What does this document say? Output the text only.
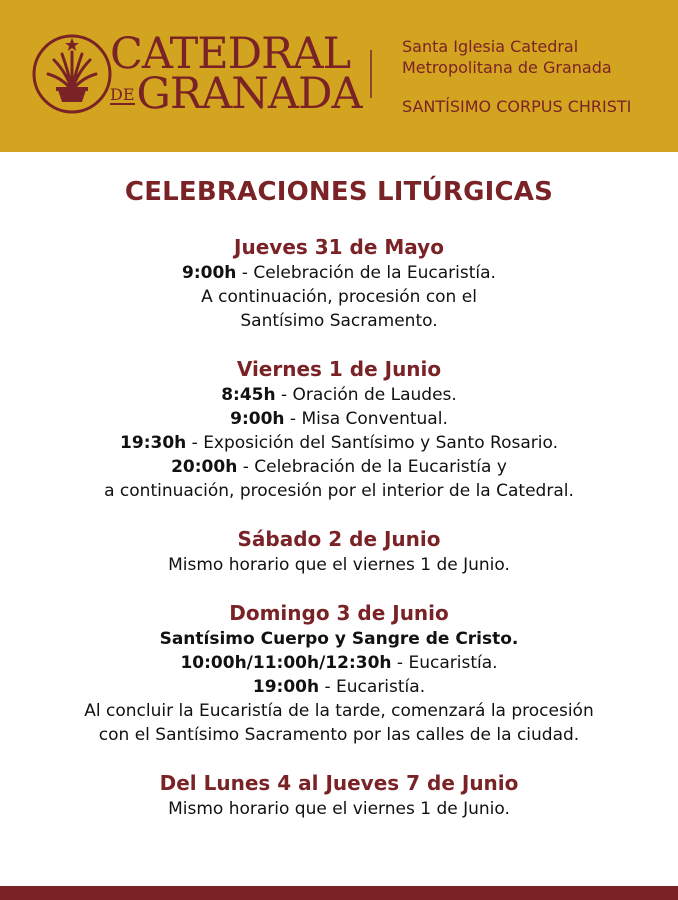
CATEDRAL
DEGRANADA
Santa Iglesia Catedral
Metropolitana de Granada
SANTÍSIMO CORPUS CHRISTI
CELEBRACIONES LITÚRGICAS
Jueves 31 de Mayo
9:00h - Celebración de la Eucaristía.
A continuación, procesión con el
Santísimo Sacramento.
Viernes 1 de Junio
8:45h - Oración de Laudes.
9:00h - Misa Conventual.
19:30h - Exposición del Santísimo y Santo Rosario.
20:00h - Celebración de la Eucaristía y
a continuación, procesión por el interior de la Catedral.
Sábado 2 de Junio
Mismo horario que el viernes 1 de Junio.
Domingo 3 de Junio
Santísimo Cuerpo y Sangre de Cristo.
10:00h/11:00h/12:30h - Eucaristía.
19:00h - Eucaristía.
Al concluir la Eucaristía de la tarde, comenzará la procesión
con el Santísimo Sacramento por las calles de la ciudad.
Del Lunes 4 al Jueves 7 de Junio
Mismo horario que el viernes 1 de Junio.
